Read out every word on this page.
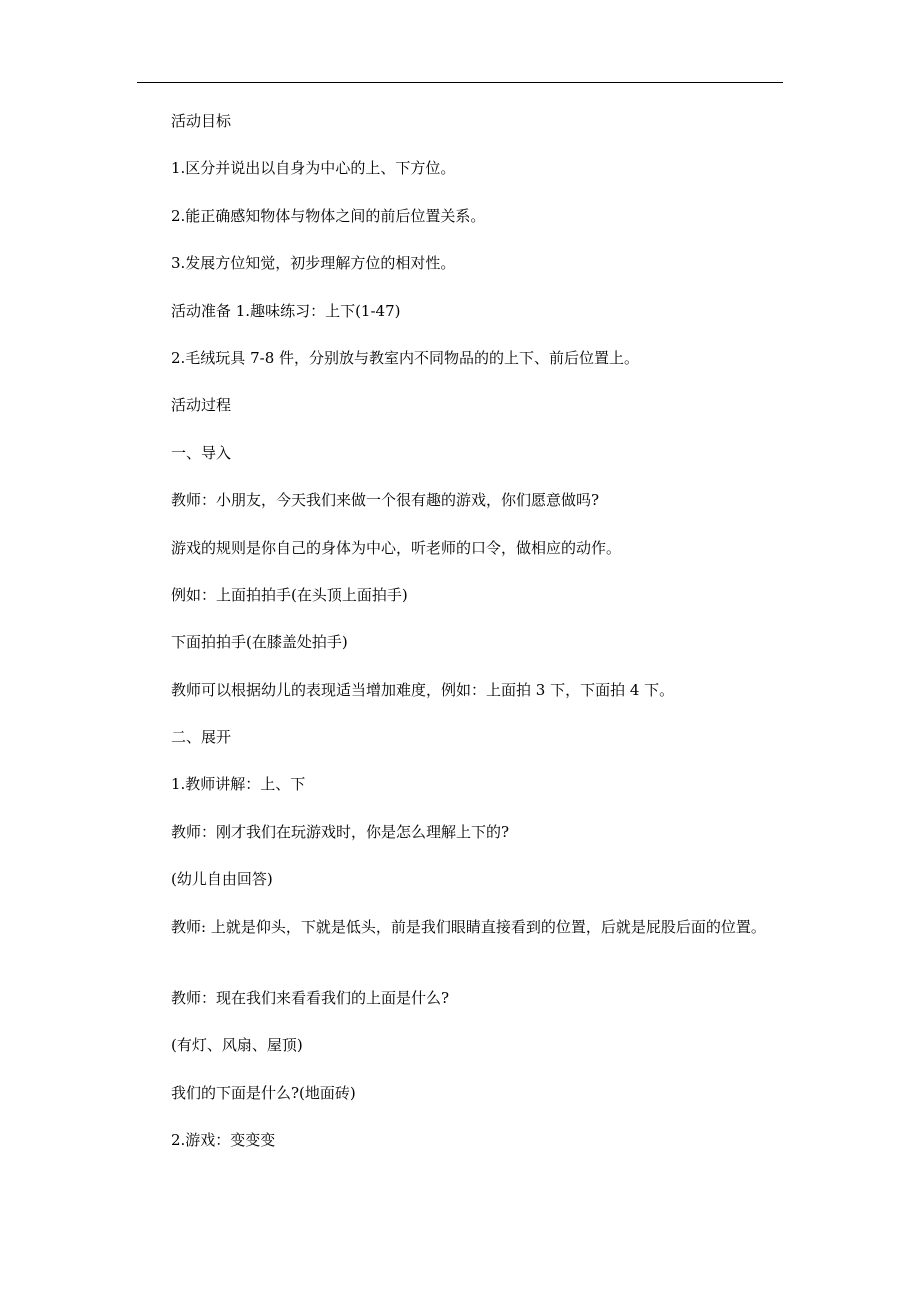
活动目标

1.区分并说出以自身为中心的上、下方位。

2.能正确感知物体与物体之间的前后位置关系。

3.发展方位知觉，初步理解方位的相对性。

活动准备 1.趣味练习：上下(1-47)

2.毛绒玩具 7-8 件，分别放与教室内不同物品的的上下、前后位置上。

活动过程

一、导入

教师：小朋友，今天我们来做一个很有趣的游戏，你们愿意做吗?

游戏的规则是你自己的身体为中心，听老师的口令，做相应的动作。

例如：上面拍拍手(在头顶上面拍手)

下面拍拍手(在膝盖处拍手)

教师可以根据幼儿的表现适当增加难度，例如：上面拍 3 下，下面拍 4 下。

二、展开

1.教师讲解：上、下

教师：刚才我们在玩游戏时，你是怎么理解上下的?

(幼儿自由回答)

教师: 上就是仰头，下就是低头，前是我们眼睛直接看到的位置，后就是屁股后面的位置。

教师：现在我们来看看我们的上面是什么?

(有灯、风扇、屋顶)

我们的下面是什么?(地面砖)

2.游戏：变变变
